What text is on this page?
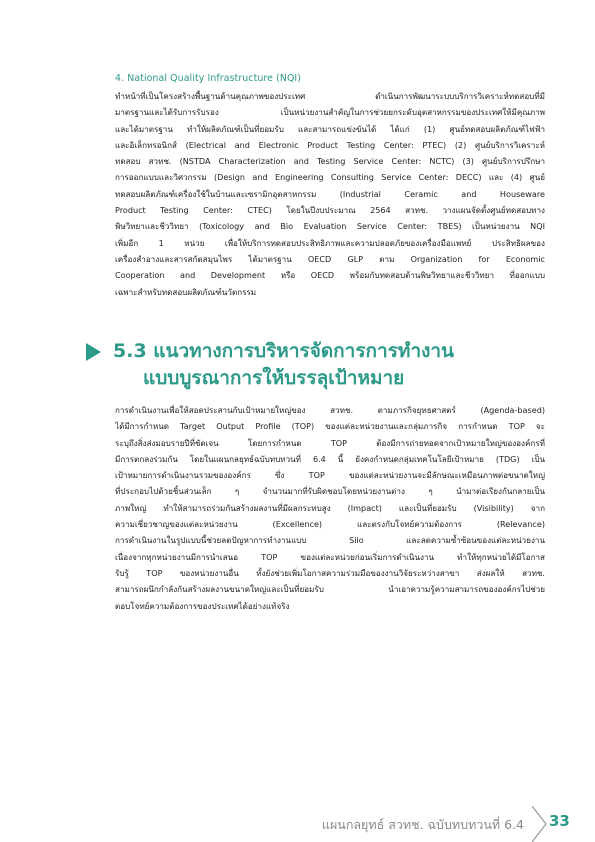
4. National Quality Infrastructure (NQI)
ทำหน้าที่เป็นโครงสร้างพื้นฐานด้านคุณภาพของประเทศ ดำเนินการพัฒนาระบบบริการวิเคราะห์ทดสอบที่มี
มาตรฐานและได้รับการรับรอง เป็นหน่วยงานสำคัญในการช่วยยกระดับอุตสาหกรรมของประเทศให้มีคุณภาพ
และได้มาตรฐาน ทำให้ผลิตภัณฑ์เป็นที่ยอมรับ และสามารถแข่งขันได้ ได้แก่ (1) ศูนย์ทดสอบผลิตภัณฑ์ไฟฟ้า
และอิเล็กทรอนิกส์ (Electrical and Electronic Product Testing Center: PTEC) (2) ศูนย์บริการวิเคราะห์
ทดสอบ สวทช. (NSTDA Characterization and Testing Service Center: NCTC) (3) ศูนย์บริการปรึกษา
การออกแบบและวิศวกรรม (Design and Engineering Consulting Service Center: DECC) และ (4) ศูนย์
ทดสอบผลิตภัณฑ์เครื่องใช้ในบ้านและเซรามิกอุตสาหกรรม (Industrial Ceramic and Houseware
Product Testing Center: CTEC) โดยในปีงบประมาณ 2564 สวทช. วางแผนจัดตั้งศูนย์ทดสอบทาง
พิษวิทยาและชีววิทยา (Toxicology and Bio Evaluation Service Center: TBES) เป็นหน่วยงาน NQI
เพิ่มอีก 1 หน่วย เพื่อให้บริการทดสอบประสิทธิภาพและความปลอดภัยของเครื่องมือแพทย์ ประสิทธิผลของ
เครื่องสำอางและสารสกัดสมุนไพร ได้มาตรฐาน OECD GLP ตาม Organization for Economic
Cooperation and Development หรือ OECD พร้อมกับทดสอบด้านพิษวิทยาและชีววิทยา ที่ออกแบบ
เฉพาะสำหรับทดสอบผลิตภัณฑ์นวัตกรรม
5.3 แนวทางการบริหารจัดการการทำงาน
แบบบูรณาการให้บรรลุเป้าหมาย
การดำเนินงานเพื่อให้สอดประสานกับเป้าหมายใหญ่ของ สวทช. ตามภารกิจยุทธศาสตร์ (Agenda-based)
ได้มีการกำหนด Target Output Profile (TOP) ของแต่ละหน่วยงานและกลุ่มภารกิจ การกำหนด TOP จะ
ระบุถึงสิ่งส่งมอบรายปีที่ชัดเจน โดยการกำหนด TOP ต้องมีการถ่ายทอดจากเป้าหมายใหญ่ขององค์กรที่
มีการตกลงร่วมกัน โดยในแผนกลยุทธ์ฉบับทบทวนที่ 6.4 นี้ ยังคงกำหนดกลุ่มเทคโนโลยีเป้าหมาย (TDG) เป็น
เป้าหมายการดำเนินงานรวมขององค์กร ซึ่ง TOP ของแต่ละหน่วยงานจะมีลักษณะเหมือนภาพต่อขนาดใหญ่
ที่ประกอบไปด้วยชิ้นส่วนเล็ก ๆ จำนวนมากที่รับผิดชอบโดยหน่วยงานต่าง ๆ นำมาต่อเรียงกันกลายเป็น
ภาพใหญ่ ทำให้สามารถร่วมกันสร้างผลงานที่มีผลกระทบสูง (Impact) และเป็นที่ยอมรับ (Visibility) จาก
ความเชี่ยวชาญของแต่ละหน่วยงาน (Excellence) และตรงกับโจทย์ความต้องการ (Relevance)
การดำเนินงานในรูปแบบนี้ช่วยลดปัญหาการทำงานแบบ Silo และลดความซ้ำซ้อนของแต่ละหน่วยงาน
เนื่องจากทุกหน่วยงานมีการนำเสนอ TOP ของแต่ละหน่วยก่อนเริ่มการดำเนินงาน ทำให้ทุกหน่วยได้มีโอกาส
รับรู้ TOP ของหน่วยงานอื่น ทั้งยังช่วยเพิ่มโอกาสความร่วมมือของงานวิจัยระหว่างสาขา ส่งผลให้ สวทช.
สามารถผนึกกำลังกันสร้างผลงานขนาดใหญ่และเป็นที่ยอมรับ นำเอาความรู้ความสามารถขององค์กรไปช่วย
ตอบโจทย์ความต้องการของประเทศได้อย่างแท้จริง
แผนกลยุทธ์ สวทช. ฉบับทบทวนที่ 6.4 33
